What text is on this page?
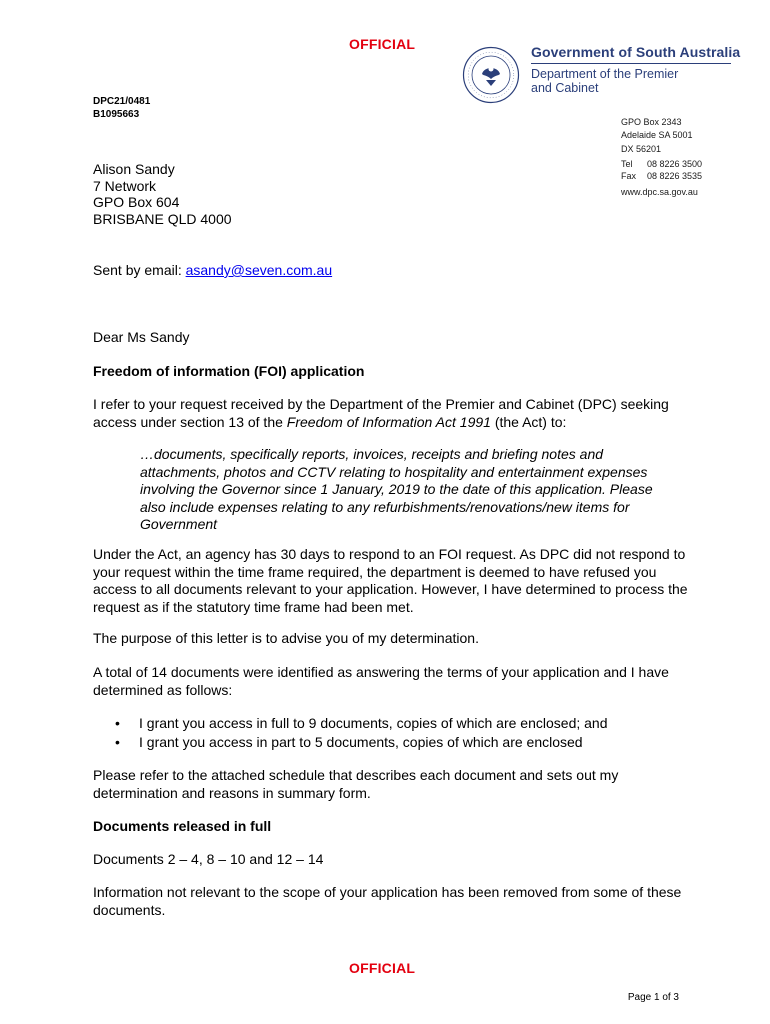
OFFICIAL	Government of South Australia
Department of the Premier
and Cabinet
DPC21/0481
B1095663
GPO Box 2343
Adelaide SA 5001
DX 56201
Tel 08 8226 3500
Fax 08 8226 3535
www.dpc.sa.gov.au
Alison Sandy
7 Network
GPO Box 604
BRISBANE QLD 4000
Sent by email: asandy@seven.com.au
Dear Ms Sandy
Freedom of information (FOI) application
I refer to your request received by the Department of the Premier and Cabinet (DPC) seeking access under section 13 of the Freedom of Information Act 1991 (the Act) to:
…documents, specifically reports, invoices, receipts and briefing notes and attachments, photos and CCTV relating to hospitality and entertainment expenses involving the Governor since 1 January, 2019 to the date of this application. Please also include expenses relating to any refurbishments/renovations/new items for Government
Under the Act, an agency has 30 days to respond to an FOI request. As DPC did not respond to your request within the time frame required, the department is deemed to have refused you access to all documents relevant to your application. However, I have determined to process the request as if the statutory time frame had been met.
The purpose of this letter is to advise you of my determination.
A total of 14 documents were identified as answering the terms of your application and I have determined as follows:
• I grant you access in full to 9 documents, copies of which are enclosed; and
• I grant you access in part to 5 documents, copies of which are enclosed
Please refer to the attached schedule that describes each document and sets out my determination and reasons in summary form.
Documents released in full
Documents 2 – 4, 8 – 10 and 12 – 14
Information not relevant to the scope of your application has been removed from some of these documents.
OFFICIAL
Page 1 of 3
